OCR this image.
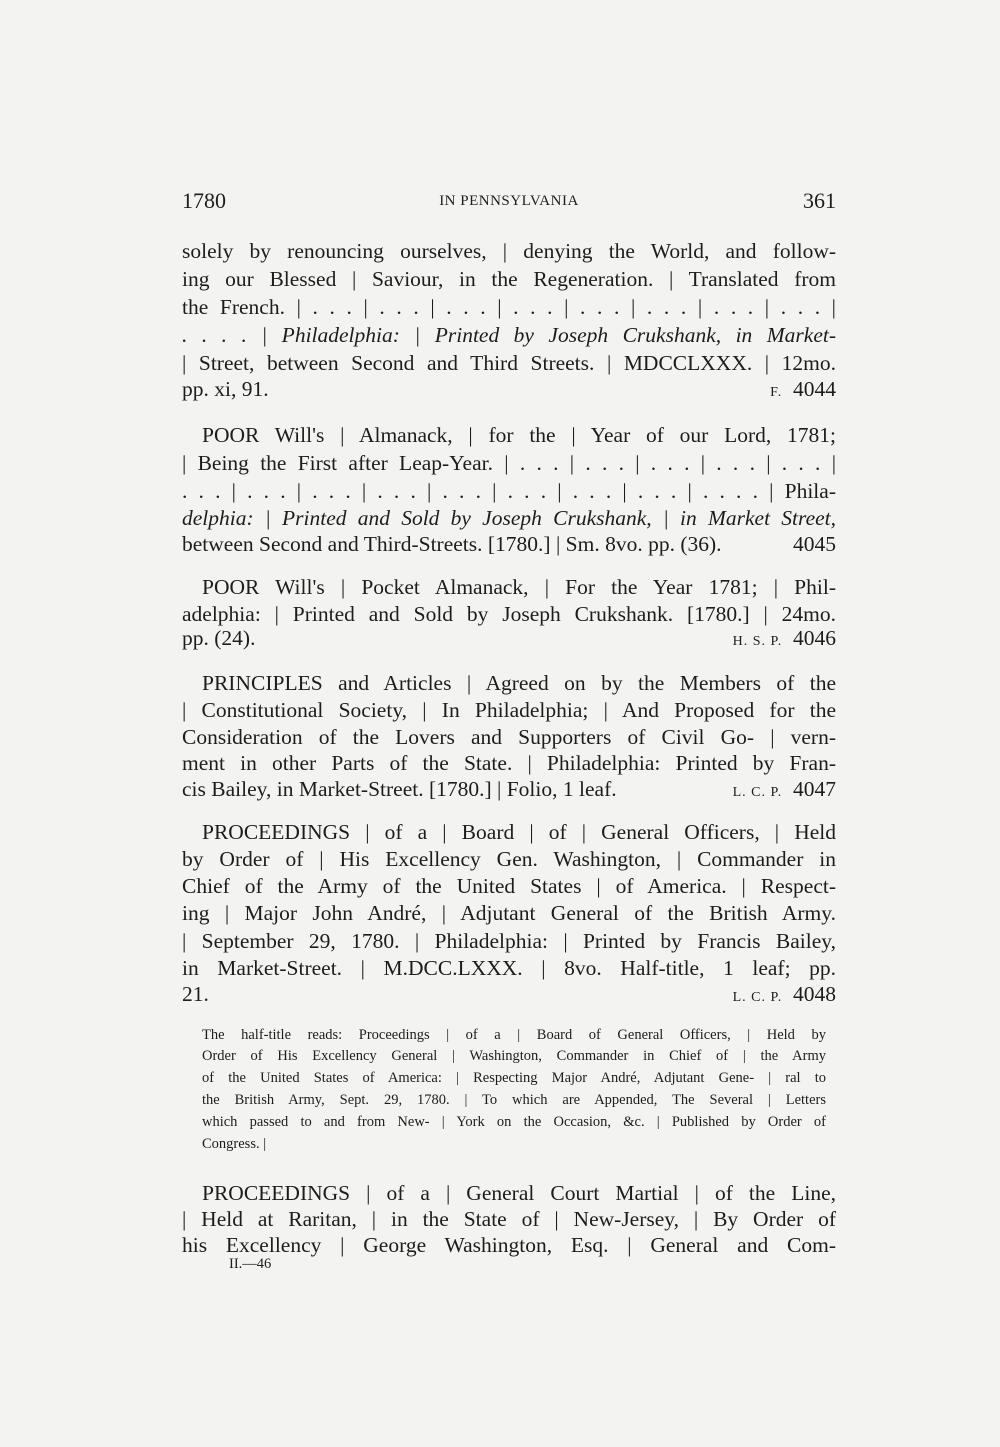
1780	IN PENNSYLVANIA	361
solely by renouncing ourselves, | denying the World, and follow-
ing our Blessed | Saviour, in the Regeneration. | Translated from
the French. | . . . | . . . | . . . | . . . | . . . | . . . | . . . | . . . |
. . . . | Philadelphia: | Printed by Joseph Crukshank, in Market-
| Street, between Second and Third Streets. | MDCCLXXX. | 12mo.
pp. xi, 91.	F. 4044
POOR Will's | Almanack, | for the | Year of our Lord, 1781;
| Being the First after Leap-Year. | . . . | . . . | . . . | . . . | . . . |
. . . | . . . | . . . | . . . | . . . | . . . | . . . | . . . | . . . . | Phila-
delphia: | Printed and Sold by Joseph Crukshank, | in Market Street,
between Second and Third-Streets. [1780.] | Sm. 8vo. pp. (36).	4045
POOR Will's | Pocket Almanack, | For the Year 1781; | Phil-
adelphia: | Printed and Sold by Joseph Crukshank. [1780.] | 24mo.
pp. (24).	H. S. P. 4046
PRINCIPLES and Articles | Agreed on by the Members of the
| Constitutional Society, | In Philadelphia; | And Proposed for the
Consideration of the Lovers and Supporters of Civil Go- | vern-
ment in other Parts of the State. | Philadelphia: Printed by Fran-
cis Bailey, in Market-Street. [1780.] | Folio, 1 leaf.	L. C. P. 4047
PROCEEDINGS | of a | Board | of | General Officers, | Held
by Order of | His Excellency Gen. Washington, | Commander in
Chief of the Army of the United States | of America. | Respect-
ing | Major John André, | Adjutant General of the British Army.
| September 29, 1780. | Philadelphia: | Printed by Francis Bailey,
in Market-Street. | M.DCC.LXXX. | 8vo. Half-title, 1 leaf; pp.
21.	L. C. P. 4048
The half-title reads: Proceedings | of a | Board of General Officers, | Held by
Order of His Excellency General | Washington, Commander in Chief of | the Army
of the United States of America: | Respecting Major André, Adjutant Gene- | ral to
the British Army, Sept. 29, 1780. | To which are Appended, The Several | Letters
which passed to and from New- | York on the Occasion, &c. | Published by Order of
Congress. |
PROCEEDINGS | of a | General Court Martial | of the Line,
| Held at Raritan, | in the State of | New-Jersey, | By Order of
his Excellency | George Washington, Esq. | General and Com-
II.—46
